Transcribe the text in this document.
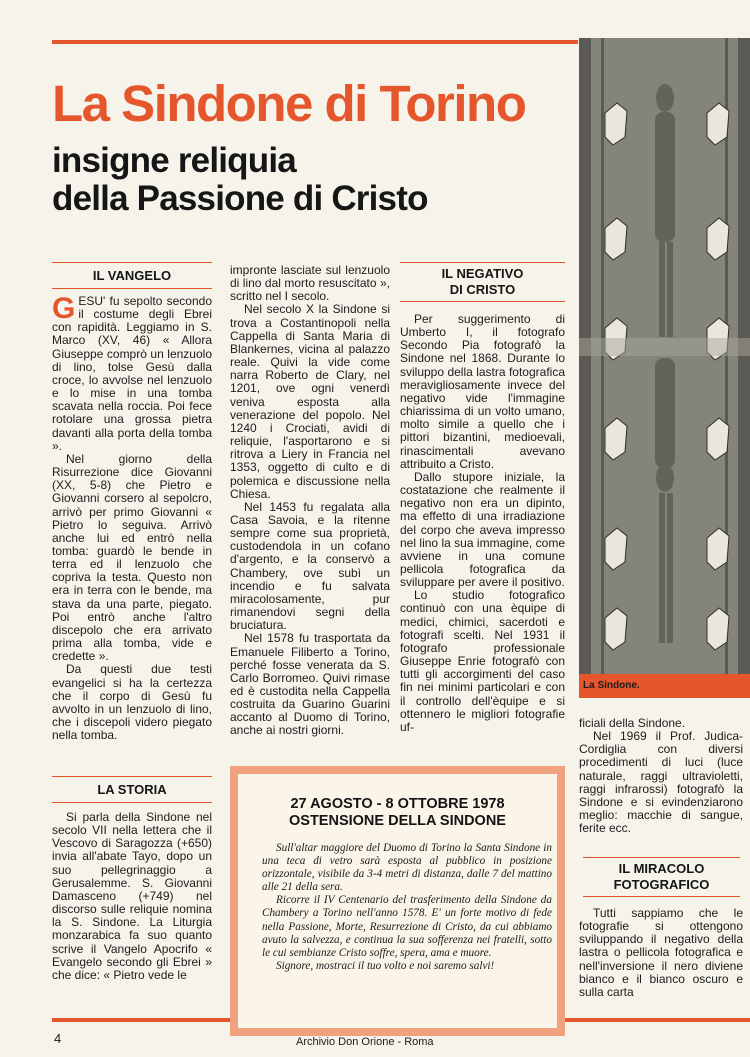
La Sindone di Torino
insigne reliquia
della Passione di Cristo
La Sindone.
IL VANGELO

GESU' fu sepolto secondo il costume degli Ebrei con rapidità. Leggiamo in S. Marco (XV, 46) « Allora Giuseppe comprò un lenzuolo di lino, tolse Gesù dalla croce, lo avvolse nel lenzuolo e lo mise in una tomba scavata nella roccia. Poi fece rotolare una grossa pietra davanti alla porta della tomba ».

Nel giorno della Risurrezione dice Giovanni (XX, 5-8) che Pietro e Giovanni corsero al sepolcro, arrivò per primo Giovanni « Pietro lo seguiva. Arrivò anche lui ed entrò nella tomba: guardò le bende in terra ed il lenzuolo che copriva la testa. Questo non era in terra con le bende, ma stava da una parte, piegato. Poi entrò anche l'altro discepolo che era arrivato prima alla tomba, vide e credette ».

Da questi due testi evangelici si ha la certezza che il corpo di Gesù fu avvolto in un lenzuolo di lino, che i discepoli videro piegato nella tomba.

LA STORIA

Si parla della Sindone nel secolo VII nella lettera che il Vescovo di Saragozza (+650) invia all'abate Tayo, dopo un suo pellegrinaggio a Gerusalemme. S. Giovanni Damasceno (+749) nel discorso sulle reliquie nomina la S. Sindone. La Liturgia monzarabica fa suo quanto scrive il Vangelo Apocrifo « Evangelo secondo gli Ebrei » che dice: « Pietro vede le

impronte lasciate sul lenzuolo di lino dal morto resuscitato », scritto nel I secolo.

Nel secolo X la Sindone si trova a Costantinopoli nella Cappella di Santa Maria di Blankernes, vicina al palazzo reale. Quivi la vide come narra Roberto de Clary, nel 1201, ove ogni venerdì veniva esposta alla venerazione del popolo. Nel 1240 i Crociati, avidi di reliquie, l'asportarono e si ritrova a Liery in Francia nel 1353, oggetto di culto e di polemica e discussione nella Chiesa.

Nel 1453 fu regalata alla Casa Savoia, e la ritenne sempre come sua proprietà, custodendola in un cofano d'argento, e la conservò a Chambery, ove subì un incendio e fu salvata miracolosamente, pur rimanendovi segni della bruciatura.

Nel 1578 fu trasportata da Emanuele Filiberto a Torino, perché fosse venerata da S. Carlo Borromeo. Quivi rimase ed è custodita nella Cappella costruita da Guarino Guarini accanto al Duomo di Torino, anche ai nostri giorni.

IL NEGATIVO
DI CRISTO

Per suggerimento di Umberto I, il fotografo Secondo Pia fotografò la Sindone nel 1868. Durante lo sviluppo della lastra fotografica meravigliosamente invece del negativo vide l'immagine chiarissima di un volto umano, molto simile a quello che i pittori bizantini, medioevali, rinascimentali avevano attribuito a Cristo.

Dallo stupore iniziale, la costatazione che realmente il negativo non era un dipinto, ma effetto di una irradiazione del corpo che aveva impresso nel lino la sua immagine, come avviene in una comune pellicola fotografica da sviluppare per avere il positivo.

Lo studio fotografico continuò con una èquipe di medici, chimici, sacerdoti e fotografi scelti. Nel 1931 il fotografo professionale Giuseppe Enrie fotografò con tutti gli accorgimenti del caso fin nei minimi particolari e con il controllo dell'èquipe e si ottennero le migliori fotografie uf-	ficiali della Sindone.

Nel 1969 il Prof. Judica-Cordiglia con diversi procedimenti di luci (luce naturale, raggi ultravioletti, raggi infrarossi) fotografò la Sindone e si evindenziarono meglio: macchie di sangue, ferite ecc.

IL MIRACOLO
FOTOGRAFICO

Tutti sappiamo che le fotografie si ottengono sviluppando il negativo della lastra o pellicola fotografica e nell'inversione il nero diviene bianco e il bianco oscuro e sulla carta

27 AGOSTO - 8 OTTOBRE 1978
OSTENSIONE DELLA SINDONE

Sull'altar maggiore del Duomo di Torino la Santa Sindone in una teca di vetro sarà esposta al pubblico in posizione orizzontale, visibile da 3-4 metri di distanza, dalle 7 del mattino alle 21 della sera.

Ricorre il IV Centenario del trasferimento della Sindone da Chambery a Torino nell'anno 1578. E' un forte motivo di fede nella Passione, Morte, Resurrezione di Cristo, da cui abbiamo avuto la salvezza, e continua la sua sofferenza nei fratelli, sotto le cui sembianze Cristo soffre, spera, ama e muore.

Signore, mostraci il tuo volto e noi saremo salvi!

4	Archivio Don Orione - Roma
